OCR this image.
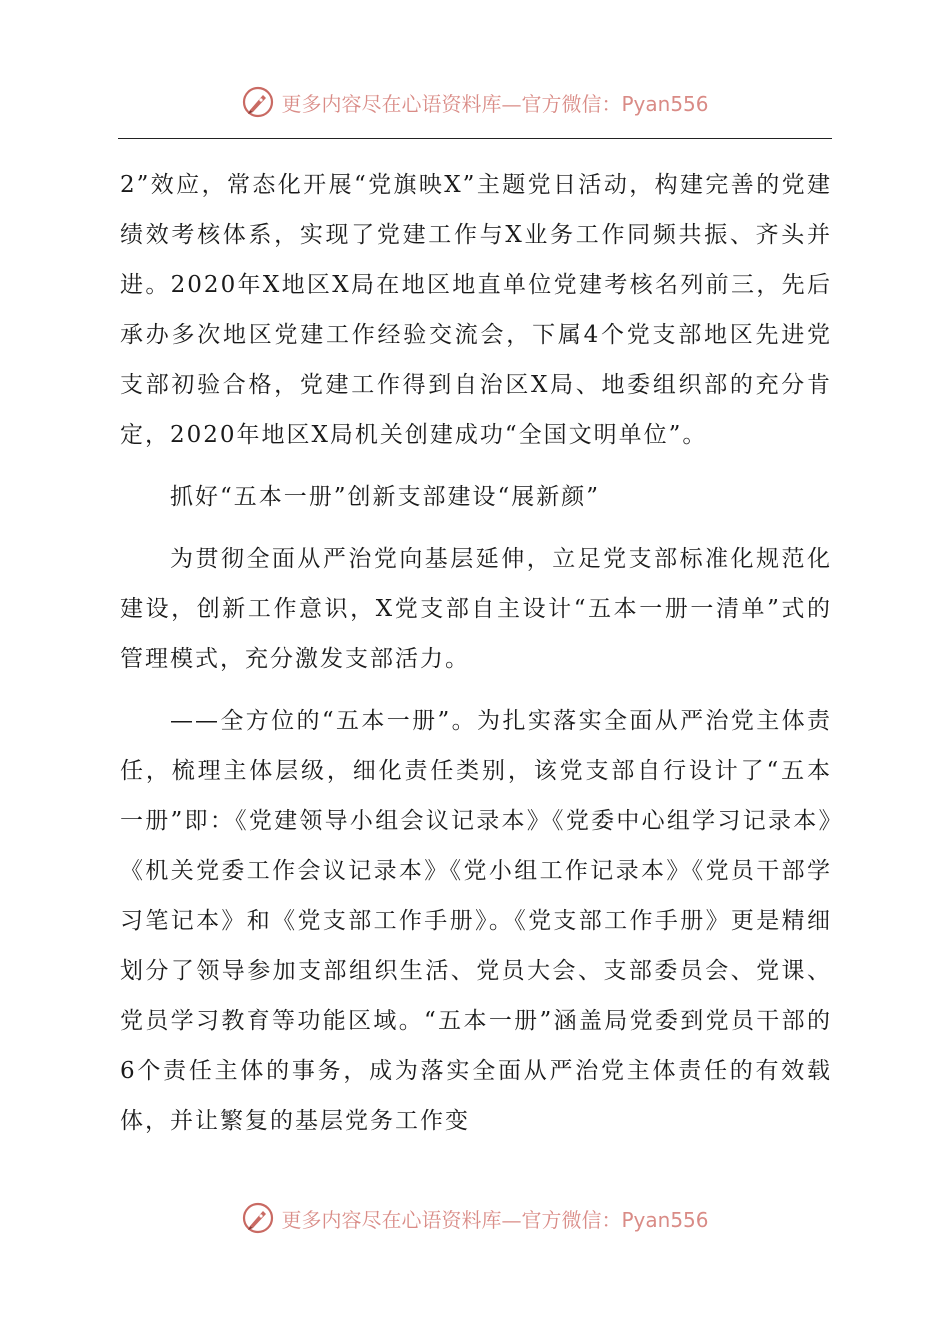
更多内容尽在心语资料库—官方微信：Pyan556

2”效应，常态化开展“党旗映X”主题党日活动，构建完善的党建绩效考核体系，实现了党建工作与X业务工作同频共振、齐头并进。2020年X地区X局在地区地直单位党建考核名列前三，先后承办多次地区党建工作经验交流会，下属4个党支部地区先进党支部初验合格，党建工作得到自治区X局、地委组织部的充分肯定，2020年地区X局机关创建成功“全国文明单位”。

抓好“五本一册”创新支部建设“展新颜”

为贯彻全面从严治党向基层延伸，立足党支部标准化规范化建设，创新工作意识，X党支部自主设计“五本一册一清单”式的管理模式，充分激发支部活力。

——全方位的“五本一册”。为扎实落实全面从严治党主体责任，梳理主体层级，细化责任类别，该党支部自行设计了“五本一册”即：《党建领导小组会议记录本》《党委中心组学习记录本》《机关党委工作会议记录本》《党小组工作记录本》《党员干部学习笔记本》和《党支部工作手册》。《党支部工作手册》更是精细划分了领导参加支部组织生活、党员大会、支部委员会、党课、党员学习教育等功能区域。“五本一册”涵盖局党委到党员干部的6个责任主体的事务，成为落实全面从严治党主体责任的有效载体，并让繁复的基层党务工作变

更多内容尽在心语资料库—官方微信：Pyan556
